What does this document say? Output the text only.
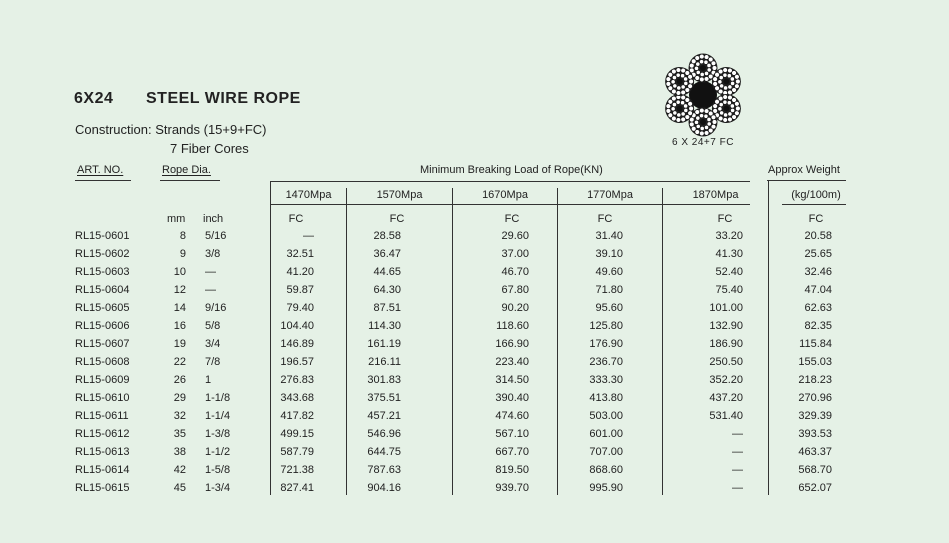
6X24 STEEL WIRE ROPE
Construction: Strands (15+9+FC)
7 Fiber Cores	6 X 24+7 FC
ART. NO.	Rope Dia.	Minimum Breaking Load of Rope(KN)	Approx Weight
1470Mpa	1570Mpa	1670Mpa	1770Mpa	1870Mpa	(kg/100m)
mm inch	FC	FC	FC	FC	FC	FC
RL15-0601	8 5/16	—	28.58	29.60	31.40	33.20	20.58
RL15-0602	9 3/8	32.51	36.47	37.00	39.10	41.30	25.65
RL15-0603	10 —	41.20	44.65	46.70	49.60	52.40	32.46
RL15-0604	12 —	59.87	64.30	67.80	71.80	75.40	47.04
RL15-0605	14 9/16	79.40	87.51	90.20	95.60	101.00	62.63
RL15-0606	16 5/8	104.40	114.30	118.60	125.80	132.90	82.35
RL15-0607	19 3/4	146.89	161.19	166.90	176.90	186.90	115.84
RL15-0608	22 7/8	196.57	216.11	223.40	236.70	250.50	155.03
RL15-0609	26 1	276.83	301.83	314.50	333.30	352.20	218.23
RL15-0610	29 1-1/8	343.68	375.51	390.40	413.80	437.20	270.96
RL15-0611	32 1-1/4	417.82	457.21	474.60	503.00	531.40	329.39
RL15-0612	35 1-3/8	499.15	546.96	567.10	601.00	—	393.53
RL15-0613	38 1-1/2	587.79	644.75	667.70	707.00	—	463.37
RL15-0614	42 1-5/8	721.38	787.63	819.50	868.60	—	568.70
RL15-0615	45 1-3/4	827.41	904.16	939.70	995.90	—	652.07
